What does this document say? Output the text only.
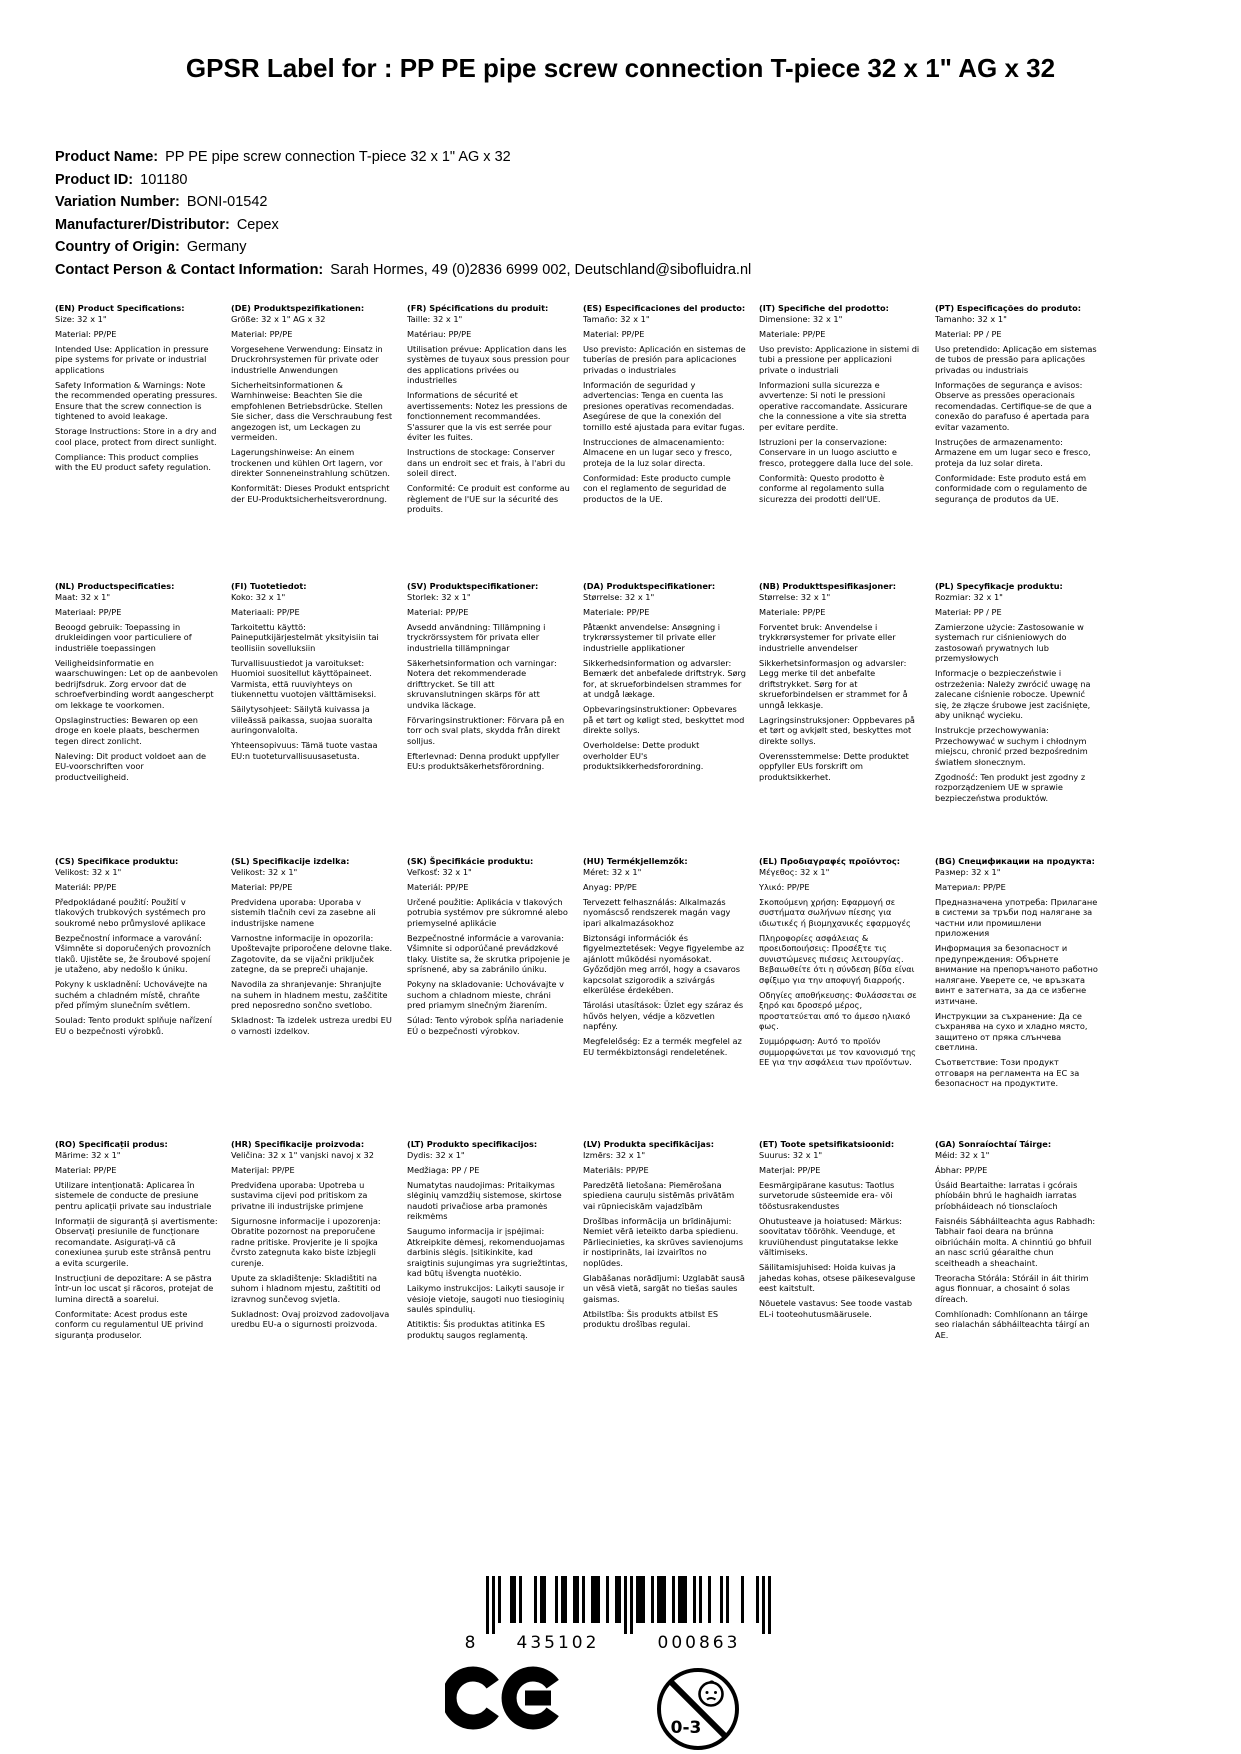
GPSR Label for : PP PE pipe screw connection T-piece 32 x 1" AG x 32
Product Name: PP PE pipe screw connection T-piece 32 x 1" AG x 32
Product ID: 101180
Variation Number: BONI-01542
Manufacturer/Distributor: Cepex
Country of Origin: Germany
Contact Person & Contact Information: Sarah Hormes, 49 (0)2836 6999 002, Deutschland@sibofluidra.nl
(EN) Product Specifications:

Size: 32 x 1"

Material: PP/PE

Intended Use: Application in pressure pipe systems for private or industrial applications

Safety Information & Warnings: Note the recommended operating pressures. Ensure that the screw connection is tightened to avoid leakage.

Storage Instructions: Store in a dry and cool place, protect from direct sunlight.

Compliance: This product complies with the EU product safety regulation.

(DE) Produktspezifikationen:

Größe: 32 x 1" AG x 32

Material: PP/PE

Vorgesehene Verwendung: Einsatz in Druckrohrsystemen für private oder industrielle Anwendungen

Sicherheitsinformationen & Warnhinweise: Beachten Sie die empfohlenen Betriebsdrücke. Stellen Sie sicher, dass die Verschraubung fest angezogen ist, um Leckagen zu vermeiden.

Lagerungshinweise: An einem trockenen und kühlen Ort lagern, vor direkter Sonneneinstrahlung schützen.

Konformität: Dieses Produkt entspricht der EU-Produktsicherheitsverordnung.

(FR) Spécifications du produit:

Taille: 32 x 1"

Matériau: PP/PE

Utilisation prévue: Application dans les systèmes de tuyaux sous pression pour des applications privées ou industrielles

Informations de sécurité et avertissements: Notez les pressions de fonctionnement recommandées. S'assurer que la vis est serrée pour éviter les fuites.

Instructions de stockage: Conserver dans un endroit sec et frais, à l'abri du soleil direct.

Conformité: Ce produit est conforme au règlement de l'UE sur la sécurité des produits.

(ES) Especificaciones del producto:

Tamaño: 32 x 1"

Material: PP/PE

Uso previsto: Aplicación en sistemas de tuberías de presión para aplicaciones privadas o industriales

Información de seguridad y advertencias: Tenga en cuenta las presiones operativas recomendadas. Asegúrese de que la conexión del tornillo esté ajustada para evitar fugas.

Instrucciones de almacenamiento: Almacene en un lugar seco y fresco, proteja de la luz solar directa.

Conformidad: Este producto cumple con el reglamento de seguridad de productos de la UE.

(IT) Specifiche del prodotto:

Dimensione: 32 x 1"

Materiale: PP/PE

Uso previsto: Applicazione in sistemi di tubi a pressione per applicazioni private o industriali

Informazioni sulla sicurezza e avvertenze: Si noti le pressioni operative raccomandate. Assicurare che la connessione a vite sia stretta per evitare perdite.

Istruzioni per la conservazione: Conservare in un luogo asciutto e fresco, proteggere dalla luce del sole.

Conformità: Questo prodotto è conforme al regolamento sulla sicurezza dei prodotti dell'UE.

(PT) Especificações do produto:

Tamanho: 32 x 1"

Material: PP / PE

Uso pretendido: Aplicação em sistemas de tubos de pressão para aplicações privadas ou industriais

Informações de segurança e avisos: Observe as pressões operacionais recomendadas. Certifique-se de que a conexão do parafuso é apertada para evitar vazamento.

Instruções de armazenamento: Armazene em um lugar seco e fresco, proteja da luz solar direta.

Conformidade: Este produto está em conformidade com o regulamento de segurança de produtos da UE.

(NL) Productspecificaties:

Maat: 32 x 1"

Materiaal: PP/PE

Beoogd gebruik: Toepassing in drukleidingen voor particuliere of industriële toepassingen

Veiligheidsinformatie en waarschuwingen: Let op de aanbevolen bedrijfsdruk. Zorg ervoor dat de schroefverbinding wordt aangescherpt om lekkage te voorkomen.

Opslaginstructies: Bewaren op een droge en koele plaats, beschermen tegen direct zonlicht.

Naleving: Dit product voldoet aan de EU-voorschriften voor productveiligheid.

(FI) Tuotetiedot:

Koko: 32 x 1"

Materiaali: PP/PE

Tarkoitettu käyttö: Paineputkijärjestelmät yksityisiin tai teollisiin sovelluksiin

Turvallisuustiedot ja varoitukset: Huomioi suositellut käyttöpaineet. Varmista, että ruuviyhteys on tiukennettu vuotojen välttämiseksi.

Säilytysohjeet: Säilytä kuivassa ja viileässä paikassa, suojaa suoralta auringonvalolta.

Yhteensopivuus: Tämä tuote vastaa EU:n tuoteturvallisuusasetusta.

(SV) Produktspecifikationer:

Storlek: 32 x 1"

Material: PP/PE

Avsedd användning: Tillämpning i tryckrörssystem för privata eller industriella tillämpningar

Säkerhetsinformation och varningar: Notera det rekommenderade drifttrycket. Se till att skruvanslutningen skärps för att undvika läckage.

Förvaringsinstruktioner: Förvara på en torr och sval plats, skydda från direkt solljus.

Efterlevnad: Denna produkt uppfyller EU:s produktsäkerhetsförordning.

(DA) Produktspecifikationer:

Størrelse: 32 x 1"

Materiale: PP/PE

Påtænkt anvendelse: Ansøgning i trykrørssystemer til private eller industrielle applikationer

Sikkerhedsinformation og advarsler: Bemærk det anbefalede driftstryk. Sørg for, at skrueforbindelsen strammes for at undgå lækage.

Opbevaringsinstruktioner: Opbevares på et tørt og køligt sted, beskyttet mod direkte sollys.

Overholdelse: Dette produkt overholder EU's produktsikkerhedsforordning.

(NB) Produkttspesifikasjoner:

Størrelse: 32 x 1"

Materiale: PP/PE

Forventet bruk: Anvendelse i trykkrørsystemer for private eller industrielle anvendelser

Sikkerhetsinformasjon og advarsler: Legg merke til det anbefalte driftstrykket. Sørg for at skrueforbindelsen er strammet for å unngå lekkasje.

Lagringsinstruksjoner: Oppbevares på et tørt og avkjølt sted, beskyttes mot direkte sollys.

Overensstemmelse: Dette produktet oppfyller EUs forskrift om produktsikkerhet.

(PL) Specyfikacje produktu:

Rozmiar: 32 x 1"

Materiał: PP / PE

Zamierzone użycie: Zastosowanie w systemach rur ciśnieniowych do zastosowań prywatnych lub przemysłowych

Informacje o bezpieczeństwie i ostrzeżenia: Należy zwrócić uwagę na zalecane ciśnienie robocze. Upewnić się, że złącze śrubowe jest zaciśnięte, aby uniknąć wycieku.

Instrukcje przechowywania: Przechowywać w suchym i chłodnym miejscu, chronić przed bezpośrednim światłem słonecznym.

Zgodność: Ten produkt jest zgodny z rozporządzeniem UE w sprawie bezpieczeństwa produktów.

(CS) Specifikace produktu:

Velikost: 32 x 1"

Materiál: PP/PE

Předpokládané použití: Použití v tlakových trubkových systémech pro soukromé nebo průmyslové aplikace

Bezpečnostní informace a varování: Všimněte si doporučených provozních tlaků. Ujistěte se, že šroubové spojení je utaženo, aby nedošlo k úniku.

Pokyny k uskladnění: Uchovávejte na suchém a chladném místě, chraňte před přímým slunečním světlem.

Soulad: Tento produkt splňuje nařízení EU o bezpečnosti výrobků.

(SL) Specifikacije izdelka:

Velikost: 32 x 1"

Material: PP/PE

Predvidena uporaba: Uporaba v sistemih tlačnih cevi za zasebne ali industrijske namene

Varnostne informacije in opozorila: Upoštevajte priporočene delovne tlake. Zagotovite, da se vijačni priključek zategne, da se prepreči uhajanje.

Navodila za shranjevanje: Shranjujte na suhem in hladnem mestu, zaščitite pred neposredno sončno svetlobo.

Skladnost: Ta izdelek ustreza uredbi EU o varnosti izdelkov.

(SK) Špecifikácie produktu:

Veľkosť: 32 x 1"

Materiál: PP/PE

Určené použitie: Aplikácia v tlakových potrubia systémov pre súkromné alebo priemyselné aplikácie

Bezpečnostné informácie a varovania: Všimnite si odporúčané prevádzkové tlaky. Uistite sa, že skrutka pripojenie je sprísnené, aby sa zabránilo úniku.

Pokyny na skladovanie: Uchovávajte v suchom a chladnom mieste, chráni pred priamym slnečným žiarením.

Súlad: Tento výrobok spĺňa nariadenie EÚ o bezpečnosti výrobkov.

(HU) Termékjellemzők:

Méret: 32 x 1"

Anyag: PP/PE

Tervezett felhasználás: Alkalmazás nyomáscső rendszerek magán vagy ipari alkalmazásokhoz

Biztonsági információk és figyelmeztetések: Vegye figyelembe az ajánlott működési nyomásokat. Győződjön meg arról, hogy a csavaros kapcsolat szigorodik a szivárgás elkerülése érdekében.

Tárolási utasítások: Üzlet egy száraz és hűvös helyen, védje a közvetlen napfény.

Megfelelőség: Ez a termék megfelel az EU termékbiztonsági rendeletének.

(EL) Προδιαγραφές προϊόντος:

Μέγεθος: 32 x 1"

Υλικό: PP/PE

Σκοπούμενη χρήση: Εφαρμογή σε συστήματα σωλήνων πίεσης για ιδιωτικές ή βιομηχανικές εφαρμογές

Πληροφορίες ασφάλειας & προειδοποιήσεις: Προσέξτε τις συνιστώμενες πιέσεις λειτουργίας. Βεβαιωθείτε ότι η σύνδεση βίδα είναι σφίξιμο για την αποφυγή διαρροής.

Οδηγίες αποθήκευσης: Φυλάσσεται σε ξηρό και δροσερό μέρος, προστατεύεται από το άμεσο ηλιακό φως.

Συμμόρφωση: Αυτό το προϊόν συμμορφώνεται με τον κανονισμό της ΕΕ για την ασφάλεια των προϊόντων.

(BG) Спецификации на продукта:

Размер: 32 x 1"

Материал: PP/PE

Предназначена употреба: Прилагане в системи за тръби под налягане за частни или промишлени приложения

Информация за безопасност и предупреждения: Обърнете внимание на препоръчаното работно налягане. Уверете се, че връзката винт е затегната, за да се избегне изтичане.

Инструкции за съхранение: Да се съхранява на сухо и хладно място, защитено от пряка слънчева светлина.

Съответствие: Този продукт отговаря на регламента на ЕС за безопасност на продуктите.

(RO) Specificații produs:

Mărime: 32 x 1"

Material: PP/PE

Utilizare intenționată: Aplicarea în sistemele de conducte de presiune pentru aplicații private sau industriale

Informații de siguranță și avertismente: Observați presiunile de funcționare recomandate. Asigurați-vă că conexiunea șurub este strânsă pentru a evita scurgerile.

Instrucțiuni de depozitare: A se păstra într-un loc uscat și răcoros, protejat de lumina directă a soarelui.

Conformitate: Acest produs este conform cu regulamentul UE privind siguranța produselor.

(HR) Specifikacije proizvoda:

Veličina: 32 x 1" vanjski navoj x 32

Materijal: PP/PE

Predviđena uporaba: Upotreba u sustavima cijevi pod pritiskom za privatne ili industrijske primjene

Sigurnosne informacije i upozorenja: Obratite pozornost na preporučene radne pritiske. Provjerite je li spojka čvrsto zategnuta kako biste izbjegli curenje.

Upute za skladištenje: Skladištiti na suhom i hladnom mjestu, zaštititi od izravnog sunčevog svjetla.

Sukladnost: Ovaj proizvod zadovoljava uredbu EU-a o sigurnosti proizvoda.

(LT) Produkto specifikacijos:

Dydis: 32 x 1"

Medžiaga: PP / PE

Numatytas naudojimas: Pritaikymas slėginių vamzdžių sistemose, skirtose naudoti privačiose arba pramonės reikmėms

Saugumo informacija ir įspėjimai: Atkreipkite dėmesį, rekomenduojamas darbinis slėgis. Įsitikinkite, kad sraigtinis sujungimas yra sugriežtintas, kad būtų išvengta nuotėkio.

Laikymo instrukcijos: Laikyti sausoje ir vėsioje vietoje, saugoti nuo tiesioginių saulės spindulių.

Atitiktis: Šis produktas atitinka ES produktų saugos reglamentą.

(LV) Produkta specifikācijas:

Izmērs: 32 x 1"

Materiāls: PP/PE

Paredzētā lietošana: Piemērošana spiediena cauruļu sistēmās privātām vai rūpnieciskām vajadzībām

Drošības informācija un brīdinājumi: Nemiet vērā ieteikto darba spiedienu. Pārliecinieties, ka skrūves savienojums ir nostiprināts, lai izvairītos no noplūdes.

Glabāšanas norādījumi: Uzglabāt sausā un vēsā vietā, sargāt no tiešas saules gaismas.

Atbilstība: Šis produkts atbilst ES produktu drošības regulai.

(ET) Toote spetsifikatsioonid:

Suurus: 32 x 1"

Materjal: PP/PE

Eesmärgipärane kasutus: Taotlus survetorude süsteemide era- või tööstusrakendustes

Ohutusteave ja hoiatused: Märkus: soovitatav töörõhk. Veenduge, et kruviühendust pingutatakse lekke vältimiseks.

Säilitamisjuhised: Hoida kuivas ja jahedas kohas, otsese päikesevalguse eest kaitstult.

Nõuetele vastavus: See toode vastab EL-i tooteohutusmäärusele.

(GA) Sonraíochtaí Táirge:

Méid: 32 x 1"

Ábhar: PP/PE

Úsáid Beartaithe: Iarratas i gcórais phíobáin bhrú le haghaidh iarratas príobháideach nó tionsclaíoch

Faisnéis Sábháilteachta agus Rabhadh: Tabhair faoi deara na brúnna oibriúcháin molta. A chinntiú go bhfuil an nasc scriú géaraithe chun sceitheadh a sheachaint.

Treoracha Stórála: Stóráil in áit thirim agus fionnuar, a chosaint ó solas díreach.

Comhlíonadh: Comhlíonann an táirge seo rialachán sábháilteachta táirgí an AE.

8 435102	000863
0-3
